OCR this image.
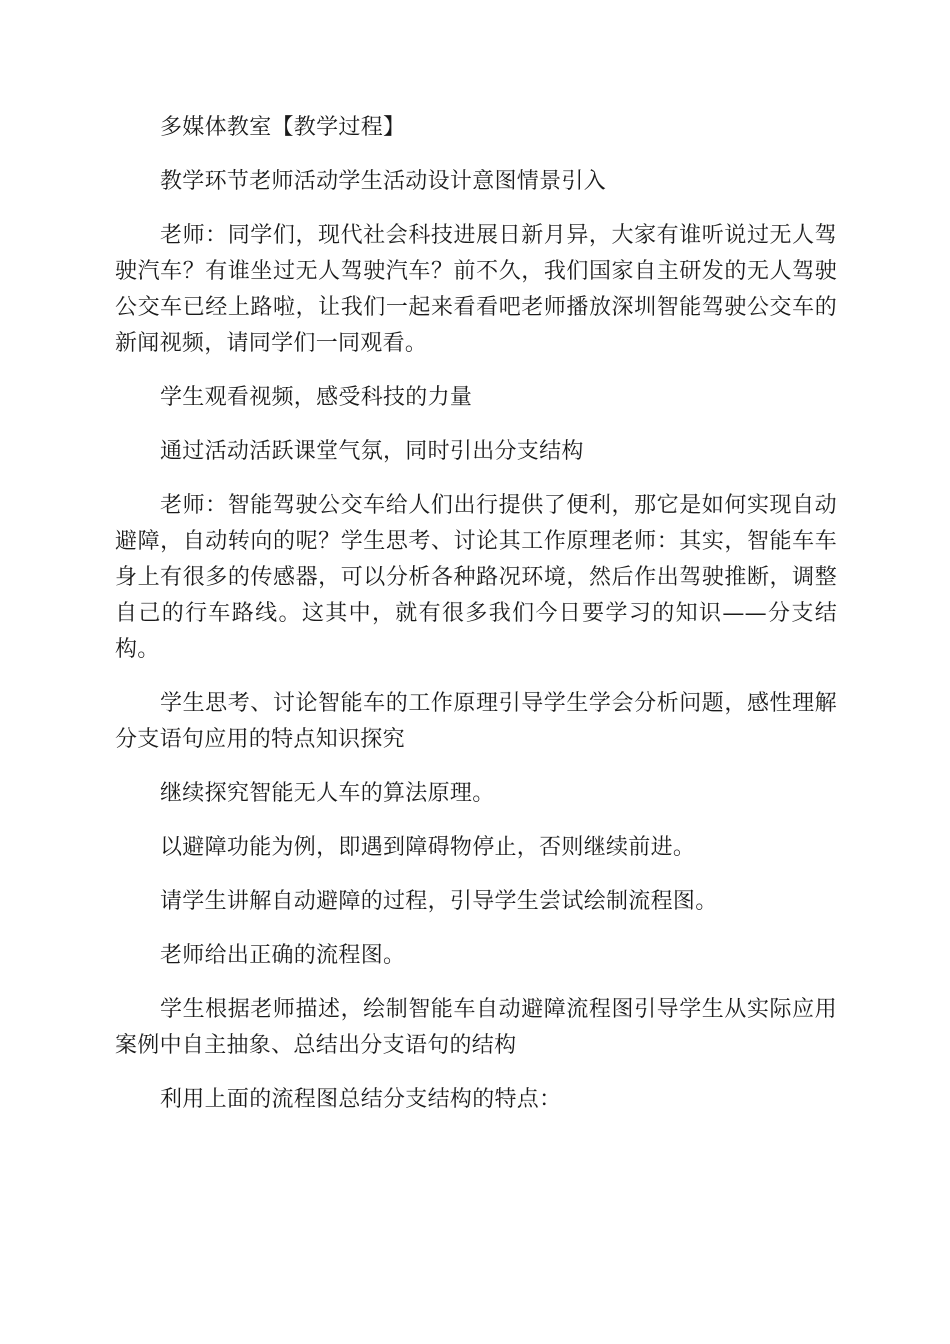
多媒体教室【教学过程】

教学环节老师活动学生活动设计意图情景引入

老师：同学们，现代社会科技进展日新月异，大家有谁听说过无人驾驶汽车？有谁坐过无人驾驶汽车？前不久，我们国家自主研发的无人驾驶公交车已经上路啦，让我们一起来看看吧老师播放深圳智能驾驶公交车的新闻视频，请同学们一同观看。

学生观看视频，感受科技的力量

通过活动活跃课堂气氛，同时引出分支结构

老师：智能驾驶公交车给人们出行提供了便利，那它是如何实现自动避障，自动转向的呢？学生思考、讨论其工作原理老师：其实，智能车车身上有很多的传感器，可以分析各种路况环境，然后作出驾驶推断，调整自己的行车路线。这其中，就有很多我们今日要学习的知识——分支结构。

学生思考、讨论智能车的工作原理引导学生学会分析问题，感性理解分支语句应用的特点知识探究

继续探究智能无人车的算法原理。

以避障功能为例，即遇到障碍物停止，否则继续前进。

请学生讲解自动避障的过程，引导学生尝试绘制流程图。

老师给出正确的流程图。

学生根据老师描述，绘制智能车自动避障流程图引导学生从实际应用案例中自主抽象、总结出分支语句的结构

利用上面的流程图总结分支结构的特点：
